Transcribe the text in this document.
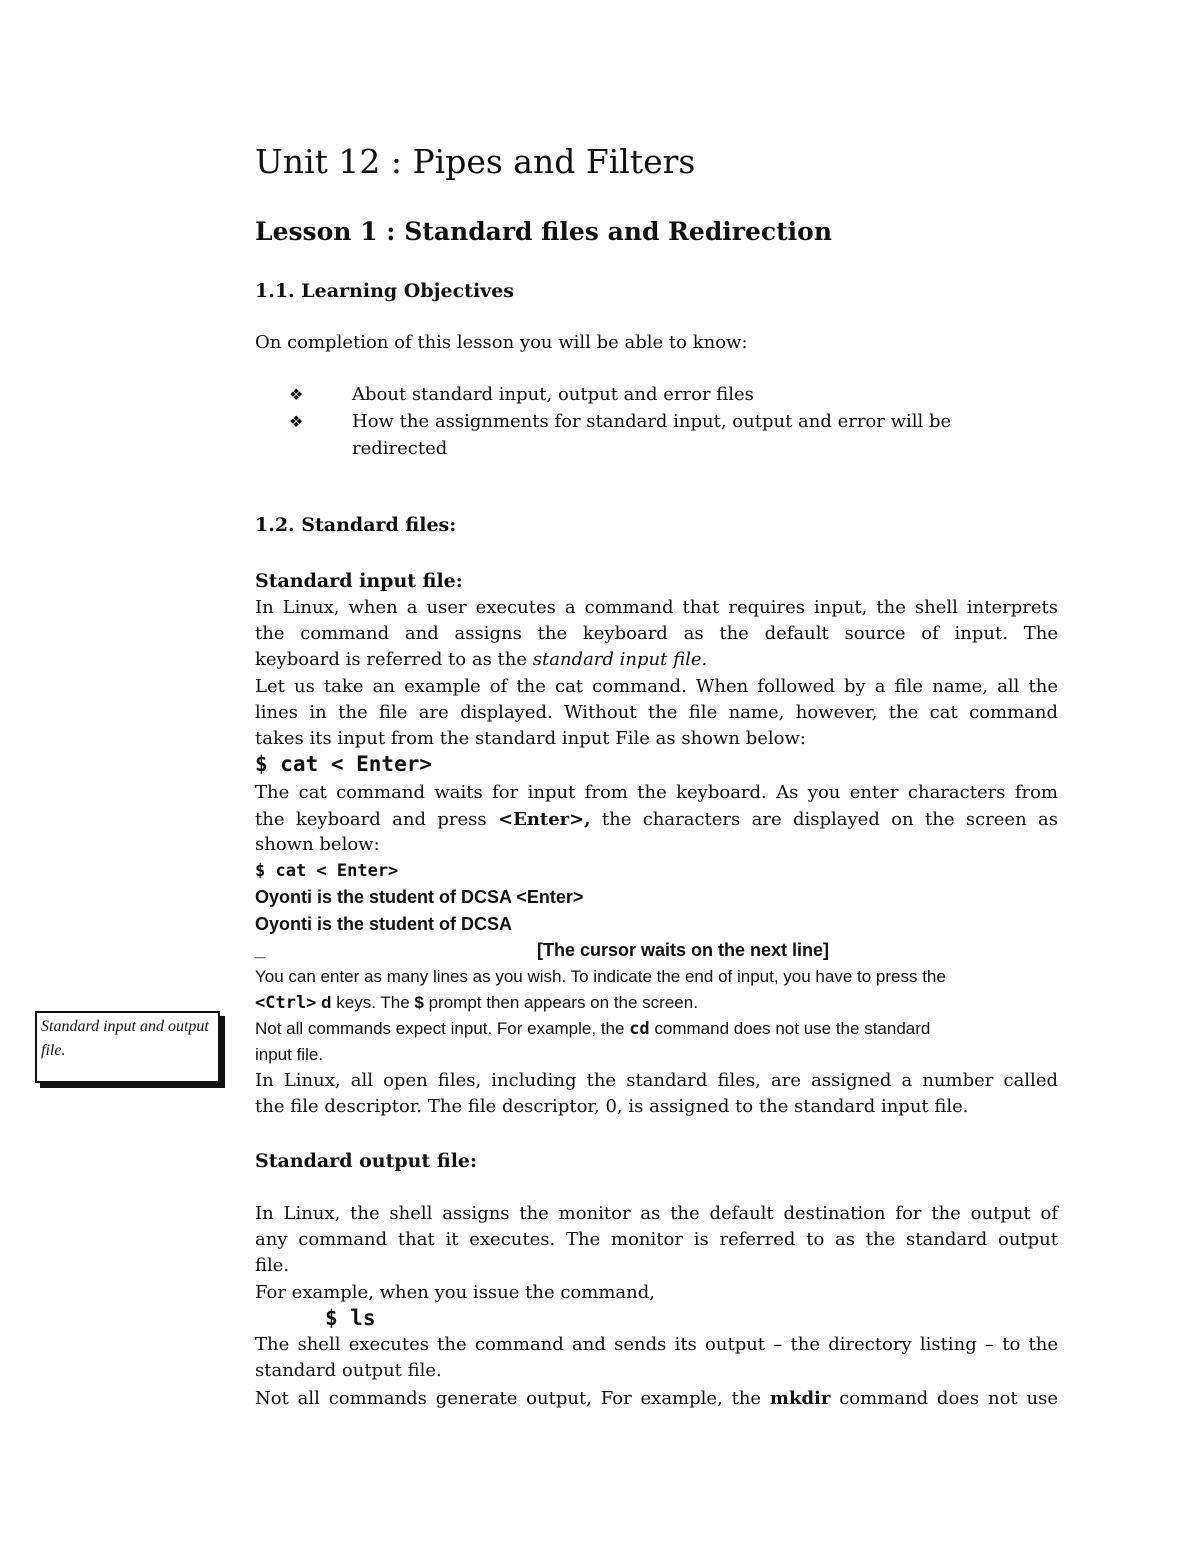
Standard input and output file.
Unit 12 : Pipes and Filters
Lesson 1 : Standard files and Redirection
1.1. Learning Objectives
On completion of this lesson you will be able to know:
❖	About standard input, output and error files
❖	How the assignments for standard input, output and error will be
redirected
1.2. Standard files:
Standard input file:
In Linux, when a user executes a command that requires input, the shell interprets
the command and assigns the keyboard as the default source of input. The
keyboard is referred to as the standard input file.
Let us take an example of the cat command. When followed by a file name, all the
lines in the file are displayed. Without the file name, however, the cat command
takes its input from the standard input File as shown below:
$ cat < Enter>
The cat command waits for input from the keyboard. As you enter characters from
the keyboard and press <Enter>, the characters are displayed on the screen as
shown below:
$ cat < Enter>
Oyonti is the student of DCSA <Enter>
Oyonti is the student of DCSA
_	[The cursor waits on the next line]
You can enter as many lines as you wish. To indicate the end of input, you have to press the
<Ctrl> d keys. The $ prompt then appears on the screen.
Not all commands expect input. For example, the cd command does not use the standard
input file.
In Linux, all open files, including the standard files, are assigned a number called
the file descriptor. The file descriptor, 0, is assigned to the standard input file.
Standard output file:
In Linux, the shell assigns the monitor as the default destination for the output of
any command that it executes. The monitor is referred to as the standard output
file.
For example, when you issue the command,
$ ls
The shell executes the command and sends its output – the directory listing – to the
standard output file.
Not all commands generate output, For example, the mkdir command does not use
